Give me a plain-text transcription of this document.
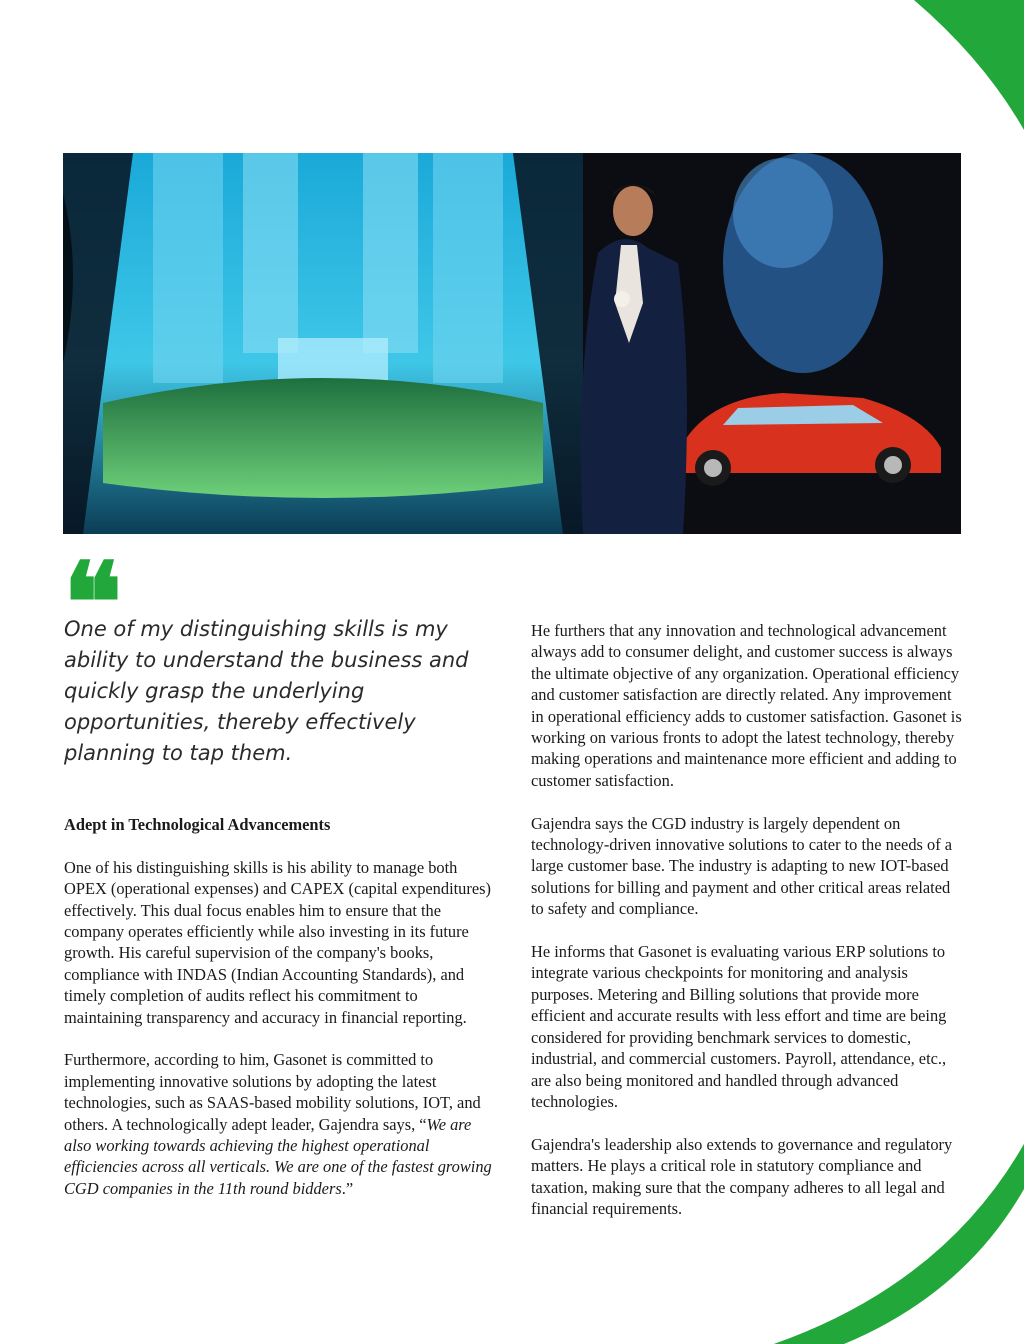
❝

One of my distinguishing skills is my ability to understand the business and quickly grasp the underlying opportunities, thereby effectively planning to tap them.

Adept in Technological Advancements

One of his distinguishing skills is his ability to manage both OPEX (operational expenses) and CAPEX (capital expenditures) effectively. This dual focus enables him to ensure that the company operates efficiently while also investing in its future growth. His careful supervision of the company's books, compliance with INDAS (Indian Accounting Standards), and timely completion of audits reflect his commitment to maintaining transparency and accuracy in financial reporting.

Furthermore, according to him, Gasonet is committed to implementing innovative solutions by adopting the latest technologies, such as SAAS-based mobility solutions, IOT, and others. A technologically adept leader, Gajendra says, “We are also working towards achieving the highest operational efficiencies across all verticals. We are one of the fastest growing CGD companies in the 11th round bidders.”

He furthers that any innovation and technological advancement always add to consumer delight, and customer success is always the ultimate objective of any organization. Operational efficiency and customer satisfaction are directly related. Any improvement in operational efficiency adds to customer satisfaction. Gasonet is working on various fronts to adopt the latest technology, thereby making operations and maintenance more efficient and adding to customer satisfaction.

Gajendra says the CGD industry is largely dependent on technology-driven innovative solutions to cater to the needs of a large customer base. The industry is adapting to new IOT-based solutions for billing and payment and other critical areas related to safety and compliance.

He informs that Gasonet is evaluating various ERP solutions to integrate various checkpoints for monitoring and analysis purposes. Metering and Billing solutions that provide more efficient and accurate results with less effort and time are being considered for providing benchmark services to domestic, industrial, and commercial customers. Payroll, attendance, etc., are also being monitored and handled through advanced technologies.

Gajendra's leadership also extends to governance and regulatory matters. He plays a critical role in statutory compliance and taxation, making sure that the company adheres to all legal and financial requirements.
